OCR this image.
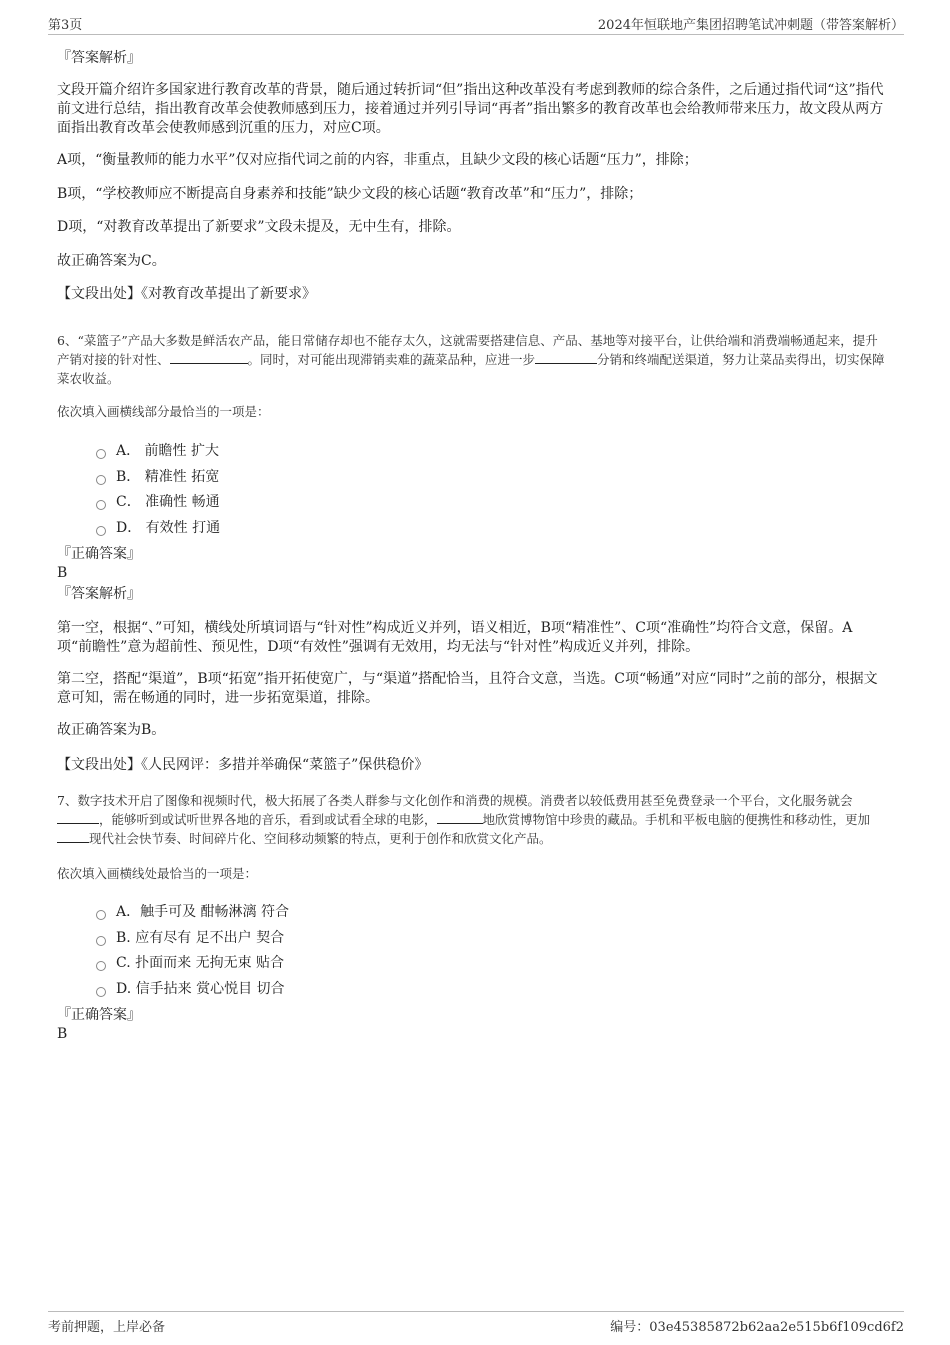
第3页	2024年恒联地产集团招聘笔试冲刺题（带答案解析）
『答案解析』
文段开篇介绍许多国家进行教育改革的背景，随后通过转折词“但”指出这种改革没有考虑到教师的综合条件，之后通过指代词“这”指代前文进行总结，指出教育改革会使教师感到压力，接着通过并列引导词“再者”指出繁多的教育改革也会给教师带来压力，故文段从两方面指出教育改革会使教师感到沉重的压力，对应C项。
A项，“衡量教师的能力水平”仅对应指代词之前的内容，非重点，且缺少文段的核心话题“压力”，排除；
B项，“学校教师应不断提高自身素养和技能”缺少文段的核心话题“教育改革”和“压力”，排除；
D项，“对教育改革提出了新要求”文段未提及，无中生有，排除。
故正确答案为C。
【文段出处】《对教育改革提出了新要求》
6、“菜篮子”产品大多数是鲜活农产品，能日常储存却也不能存太久，这就需要搭建信息、产品、基地等对接平台，让供给端和消费端畅通起来，提升产销对接的针对性、	。同时，对可能出现滞销卖难的蔬菜品种，应进一步	分销和终端配送渠道，努力让菜品卖得出，切实保障菜农收益。
依次填入画横线部分最恰当的一项是：
A． 前瞻性 扩大
B． 精准性 拓宽
C． 准确性 畅通
D． 有效性 打通
『正确答案』
B
『答案解析』
第一空，根据“、”可知，横线处所填词语与“针对性”构成近义并列，语义相近，B项“精准性”、C项“准确性”均符合文意，保留。A项“前瞻性”意为超前性、预见性，D项“有效性”强调有无效用，均无法与“针对性”构成近义并列，排除。
第二空，搭配“渠道”，B项“拓宽”指开拓使宽广，与“渠道”搭配恰当，且符合文意，当选。C项“畅通”对应“同时”之前的部分，根据文意可知，需在畅通的同时，进一步拓宽渠道，排除。
故正确答案为B。
【文段出处】《人民网评：多措并举确保“菜篮子”保供稳价》
7、数字技术开启了图像和视频时代，极大拓展了各类人群参与文化创作和消费的规模。消费者以较低费用甚至免费登录一个平台，文化服务就会，能够听到或试听世界各地的音乐，看到或试看全球的电影，	地欣赏博物馆中珍贵的藏品。手机和平板电脑的便携性和移动性，更加现代社会快节奏、时间碎片化、空间移动频繁的特点，更利于创作和欣赏文化产品。
依次填入画横线处最恰当的一项是：
A．触手可及 酣畅淋漓 符合
B. 应有尽有 足不出户 契合
C. 扑面而来 无拘无束 贴合
D. 信手拈来 赏心悦目 切合
『正确答案』
B
考前押题，上岸必备	编号：03e45385872b62aa2e515b6f109cd6f2
